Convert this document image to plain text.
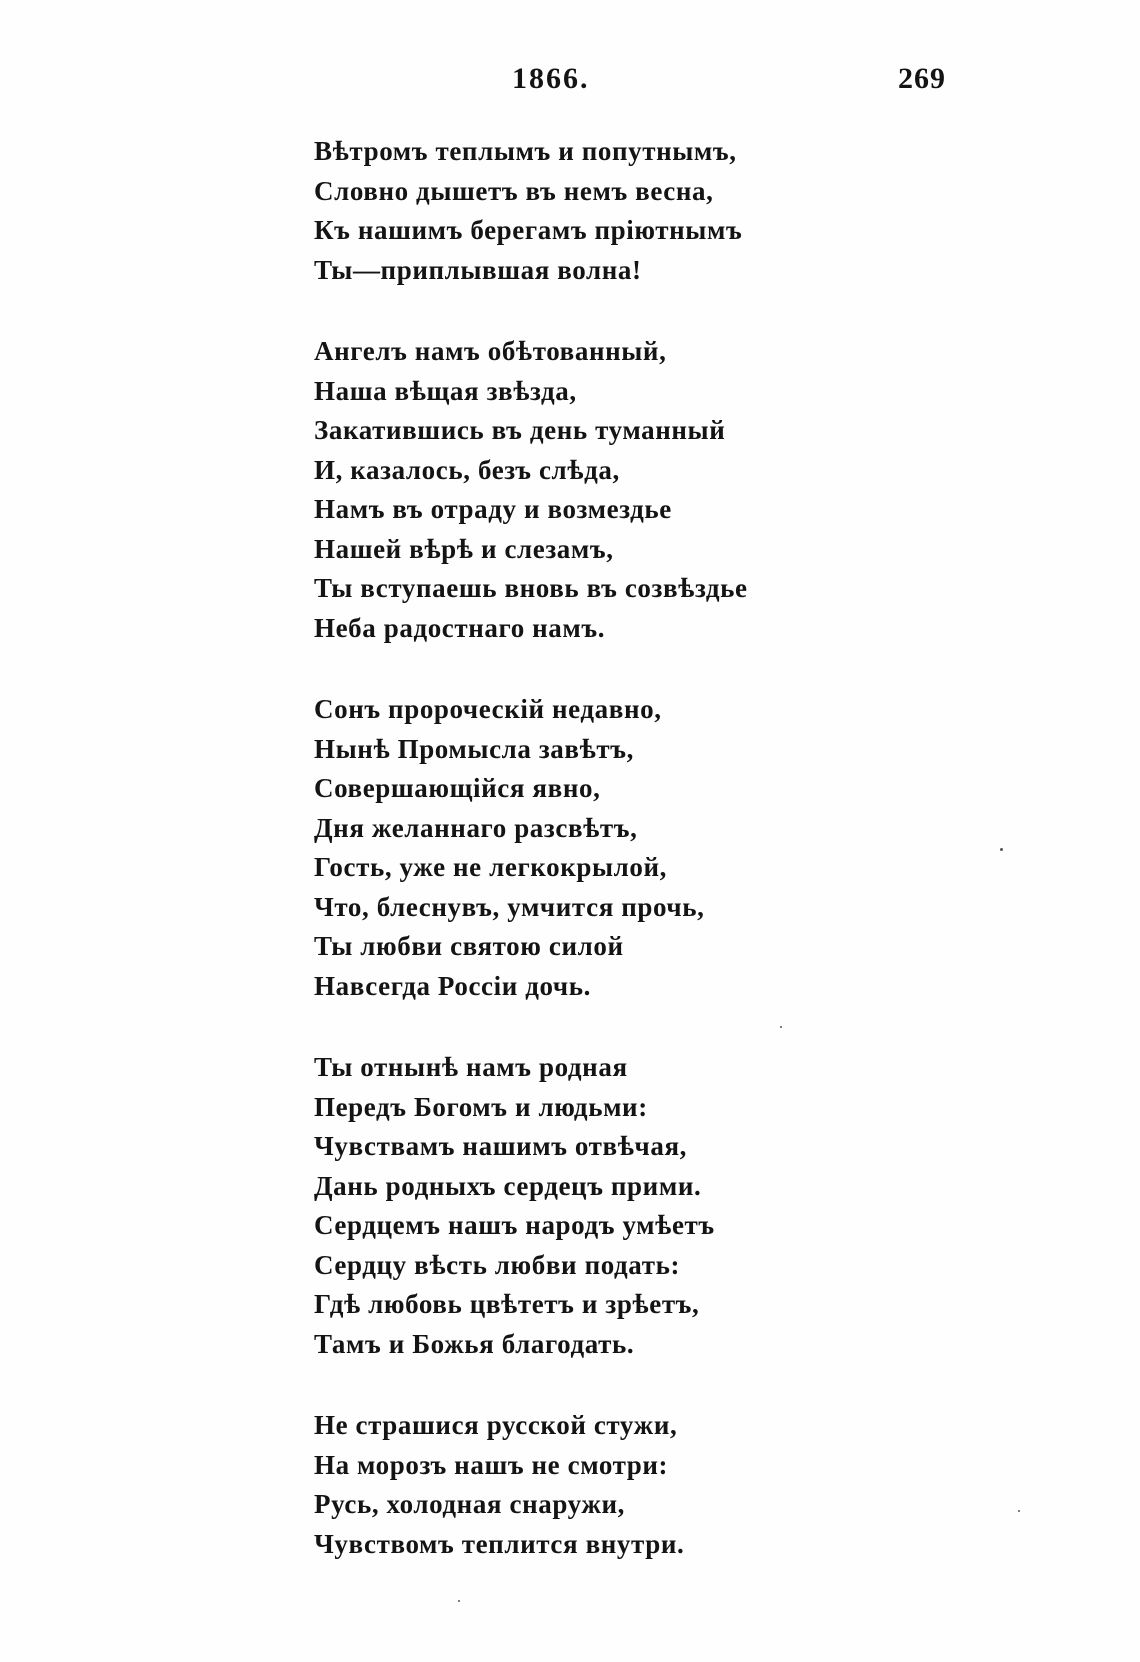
1866.	269
Вѣтромъ теплымъ и попутнымъ,
Словно дышетъ въ немъ весна,
Къ нашимъ берегамъ пріютнымъ
Ты—приплывшая волна!
Ангелъ намъ обѣтованный,
Наша вѣщая звѣзда,
Закатившись въ день туманный
И, казалось, безъ слѣда,
Намъ въ отраду и возмездье
Нашей вѣрѣ и слезамъ,
Ты вступаешь вновь въ созвѣздье
Неба радостнаго намъ.
Сонъ пророческій недавно,
Нынѣ Промысла завѣтъ,
Совершающійся явно,
Дня желаннаго разсвѣтъ,
Гость, уже не легкокрылой,
Что, блеснувъ, умчится прочь,
Ты любви святою силой
Навсегда Россіи дочь.
Ты отнынѣ намъ родная
Передъ Богомъ и людьми:
Чувствамъ нашимъ отвѣчая,
Дань родныхъ сердецъ прими.
Сердцемъ нашъ народъ умѣетъ
Сердцу вѣсть любви подать:
Гдѣ любовь цвѣтетъ и зрѣетъ,
Тамъ и Божья благодать.
Не страшися русской стужи,
На морозъ нашъ не смотри:
Русь, холодная снаружи,
Чувствомъ теплится внутри.
